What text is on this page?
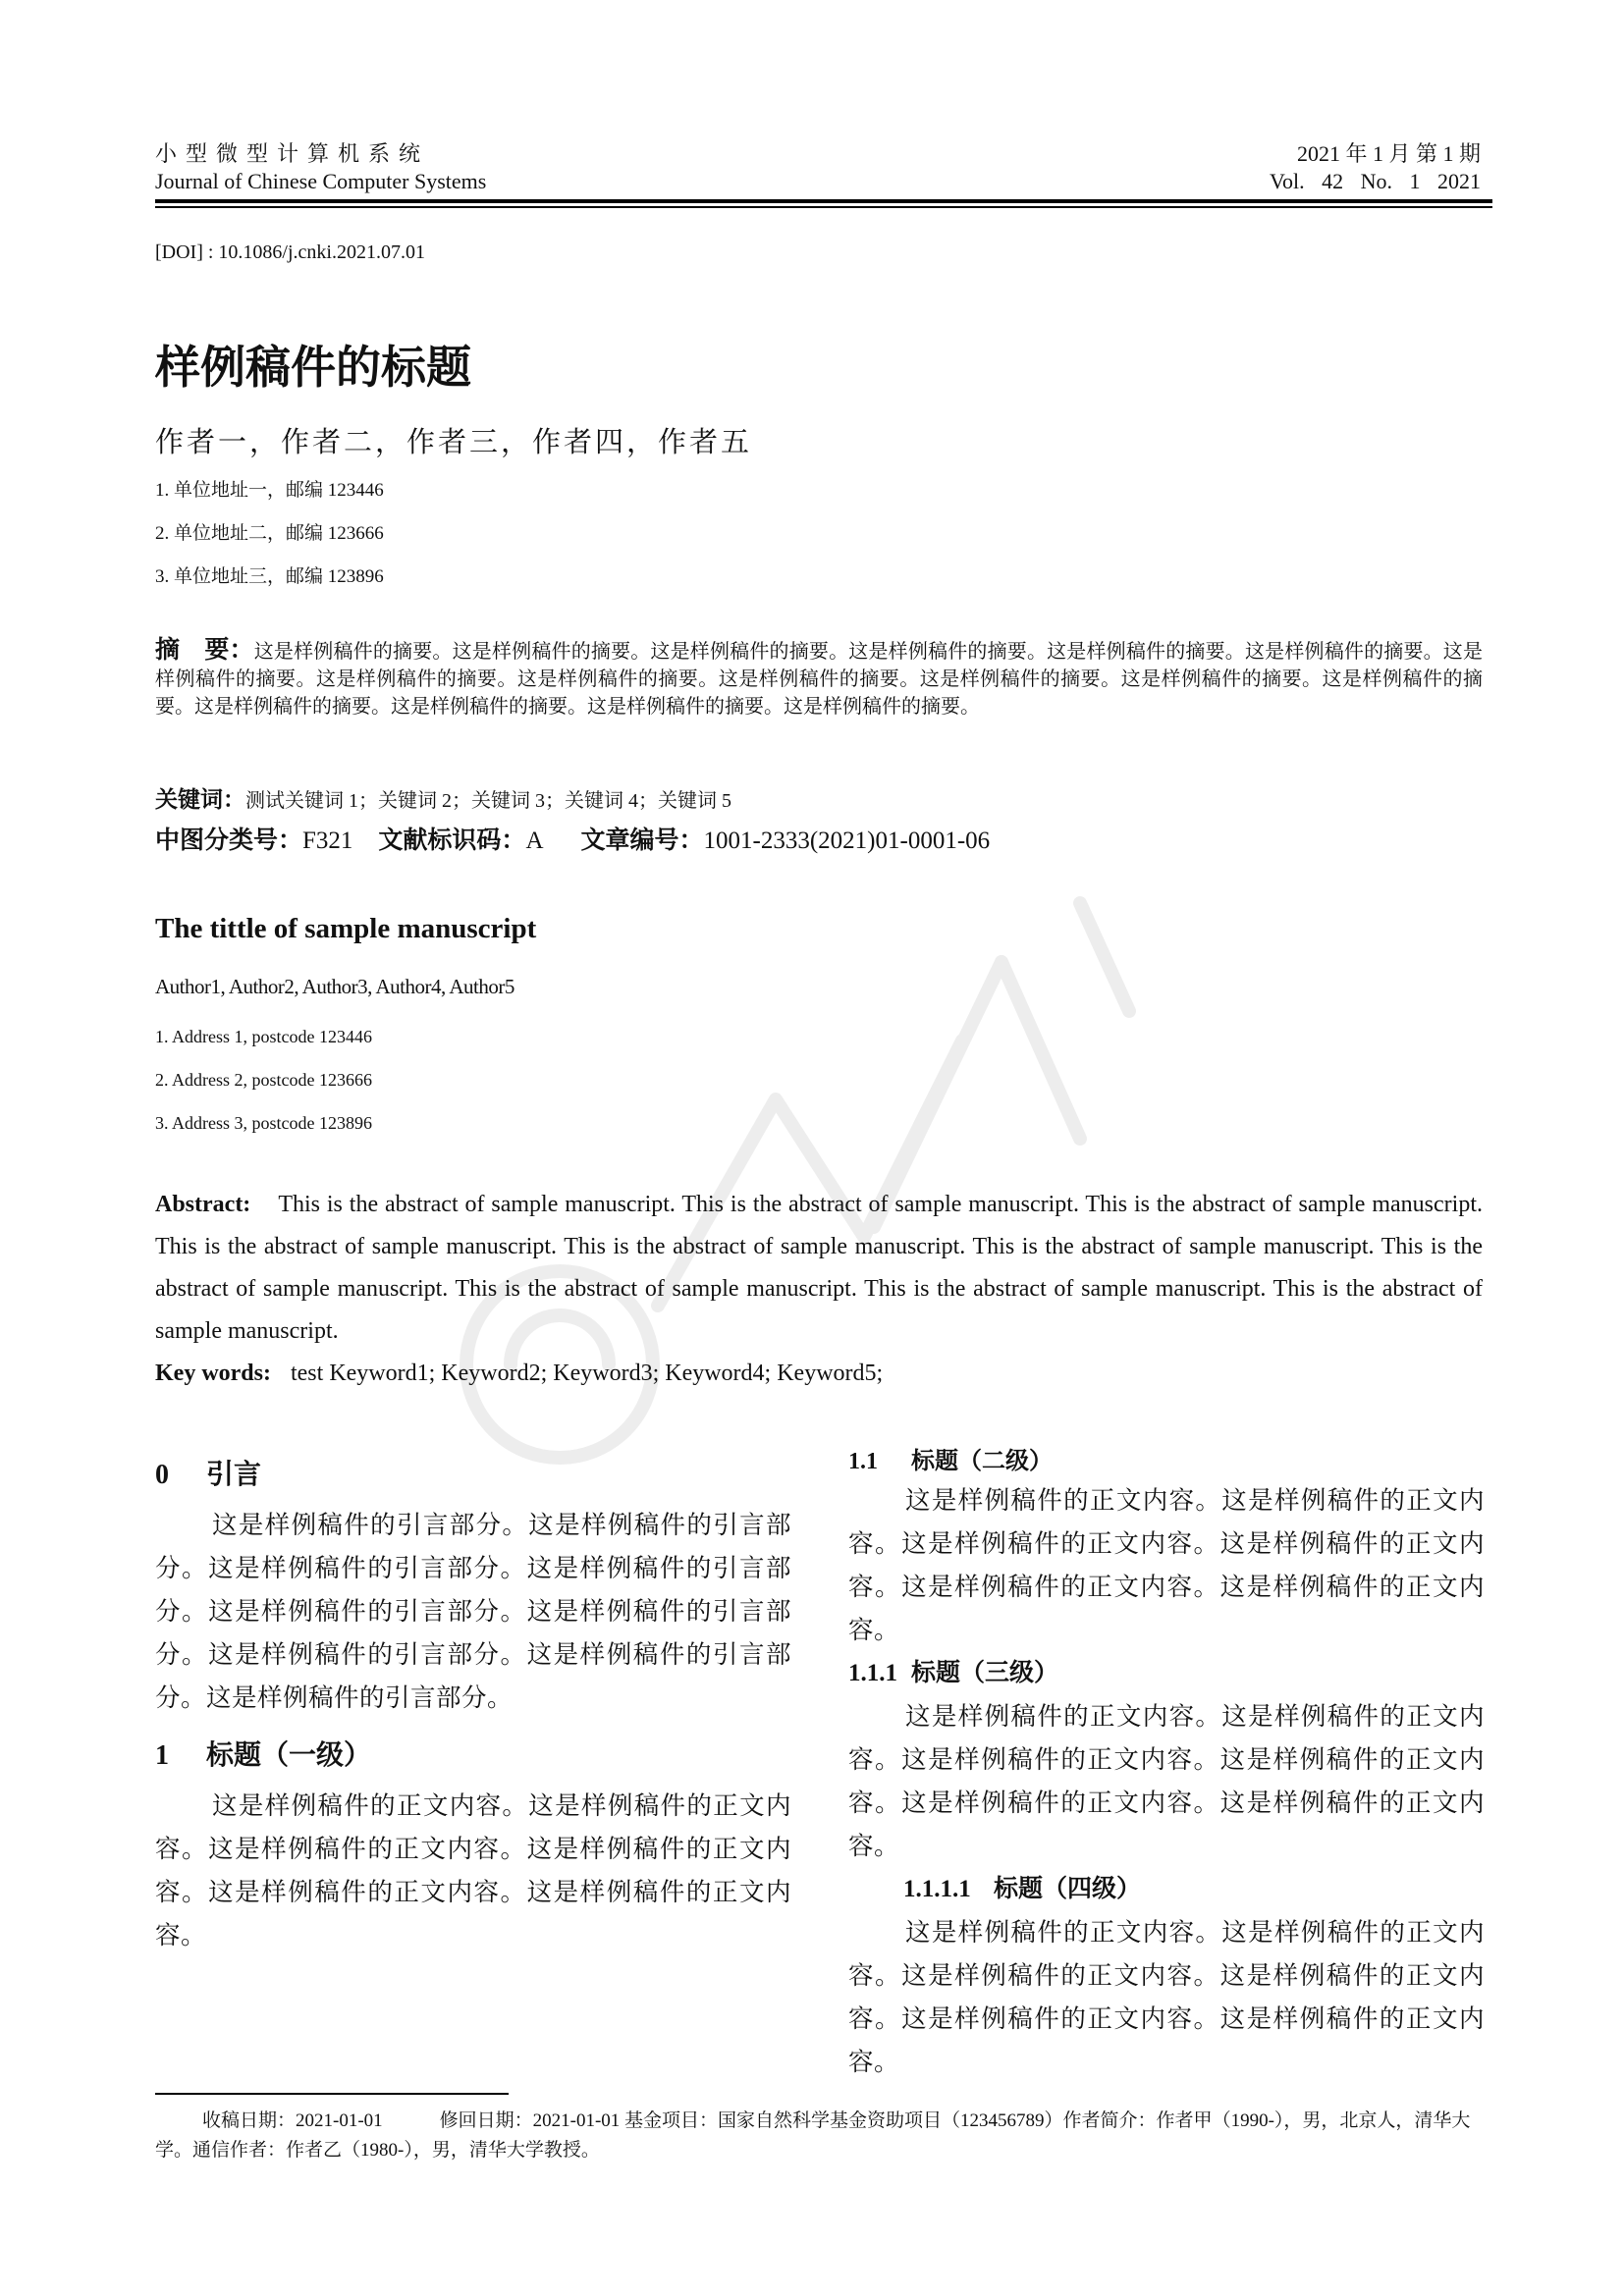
小型微型计算机系统
Journal of Chinese Computer Systems
2021 年 1 月 第 1 期
Vol. 42 No. 1 2021
[DOI] : 10.1086/j.cnki.2021.07.01
样例稿件的标题
作者一，作者二，作者三，作者四，作者五
1. 单位地址一，邮编 123446
2. 单位地址二，邮编 123666
3. 单位地址三，邮编 123896
摘　要：这是样例稿件的摘要。这是样例稿件的摘要。这是样例稿件的摘要。这是样例稿件的摘要。这是样例稿件的摘要。这是样例稿件的摘要。这是样例稿件的摘要。这是样例稿件的摘要。这是样例稿件的摘要。这是样例稿件的摘要。这是样例稿件的摘要。这是样例稿件的摘要。这是样例稿件的摘要。这是样例稿件的摘要。这是样例稿件的摘要。这是样例稿件的摘要。这是样例稿件的摘要。
关键词：测试关键词 1；关键词 2；关键词 3；关键词 4；关键词 5
中图分类号：F321 文献标识码：A 文章编号：1001-2333(2021)01-0001-06
The tittle of sample manuscript
Author1, Author2, Author3, Author4, Author5
1. Address 1, postcode 123446
2. Address 2, postcode 123666
3. Address 3, postcode 123896
Abstract: This is the abstract of sample manuscript. This is the abstract of sample manuscript. This is the abstract of sample manuscript. This is the abstract of sample manuscript. This is the abstract of sample manuscript. This is the abstract of sample manuscript. This is the abstract of sample manuscript. This is the abstract of sample manuscript. This is the abstract of sample manuscript. This is the abstract of sample manuscript.
Key words: test Keyword1; Keyword2; Keyword3; Keyword4; Keyword5;
0 引言

这是样例稿件的引言部分。这是样例稿件的引言部分。这是样例稿件的引言部分。这是样例稿件的引言部分。这是样例稿件的引言部分。这是样例稿件的引言部分。这是样例稿件的引言部分。这是样例稿件的引言部分。这是样例稿件的引言部分。

1 标题（一级）

这是样例稿件的正文内容。这是样例稿件的正文内容。这是样例稿件的正文内容。这是样例稿件的正文内容。这是样例稿件的正文内容。这是样例稿件的正文内容。

1.1 标题（二级）

这是样例稿件的正文内容。这是样例稿件的正文内容。这是样例稿件的正文内容。这是样例稿件的正文内容。这是样例稿件的正文内容。这是样例稿件的正文内容。

1.1.1 标题（三级）

这是样例稿件的正文内容。这是样例稿件的正文内容。这是样例稿件的正文内容。这是样例稿件的正文内容。这是样例稿件的正文内容。这是样例稿件的正文内容。

1.1.1.1 标题（四级）

这是样例稿件的正文内容。这是样例稿件的正文内容。这是样例稿件的正文内容。这是样例稿件的正文内容。这是样例稿件的正文内容。这是样例稿件的正文内容。

收稿日期：2021-01-01	修回日期：2021-01-01 基金项目：国家自然科学基金资助项目（123456789）作者简介：作者甲（1990-），男，北京人，清华大学。通信作者：作者乙（1980-），男，清华大学教授。
